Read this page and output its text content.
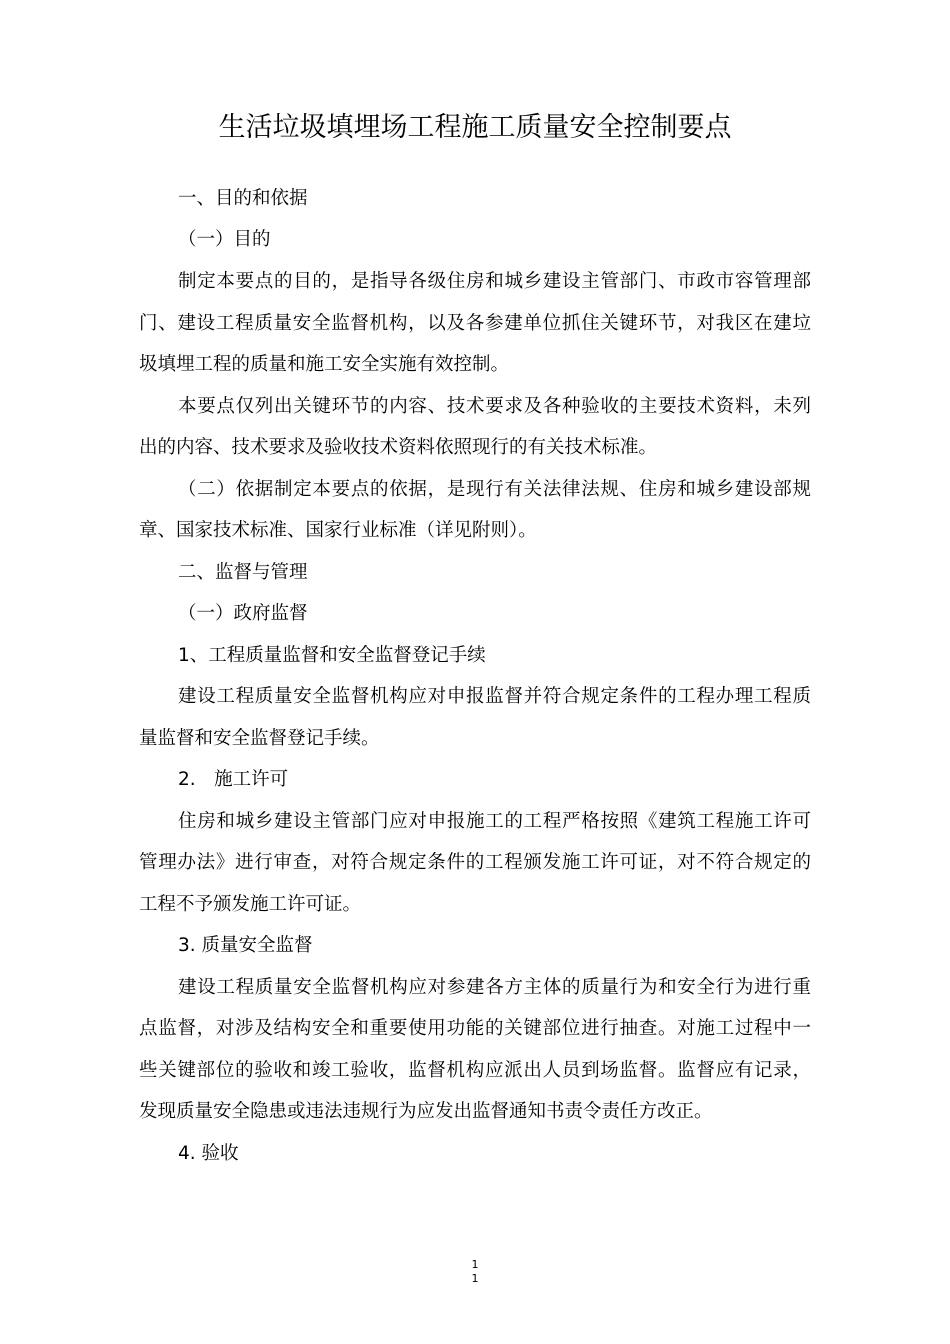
生活垃圾填埋场工程施工质量安全控制要点
一、目的和依据
（一）目的
制定本要点的目的，是指导各级住房和城乡建设主管部门、市政市容管理部
门、建设工程质量安全监督机构，以及各参建单位抓住关键环节，对我区在建垃
圾填埋工程的质量和施工安全实施有效控制。
本要点仅列出关键环节的内容、技术要求及各种验收的主要技术资料，未列
出的内容、技术要求及验收技术资料依照现行的有关技术标准。
（二）依据制定本要点的依据，是现行有关法律法规、住房和城乡建设部规
章、国家技术标准、国家行业标准（详见附则）。
二、监督与管理
（一）政府监督
1、工程质量监督和安全监督登记手续
建设工程质量安全监督机构应对申报监督并符合规定条件的工程办理工程质
量监督和安全监督登记手续。
2.　施工许可
住房和城乡建设主管部门应对申报施工的工程严格按照《建筑工程施工许可
管理办法》进行审查，对符合规定条件的工程颁发施工许可证，对不符合规定的
工程不予颁发施工许可证。
3. 质量安全监督
建设工程质量安全监督机构应对参建各方主体的质量行为和安全行为进行重
点监督，对涉及结构安全和重要使用功能的关键部位进行抽查。对施工过程中一
些关键部位的验收和竣工验收，监督机构应派出人员到场监督。监督应有记录，
发现质量安全隐患或违法违规行为应发出监督通知书责令责任方改正。
4. 验收
1
1
